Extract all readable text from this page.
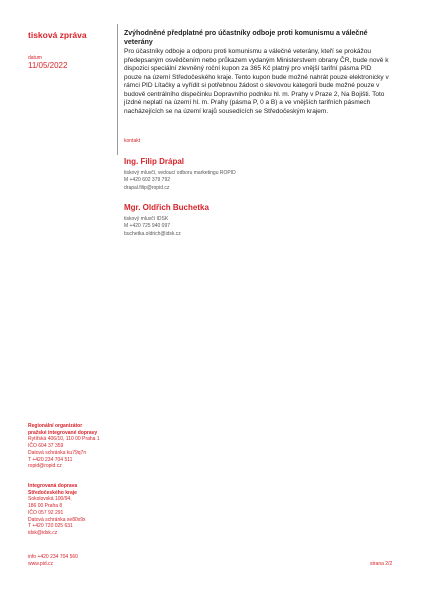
tisková zpráva
datum
11/05/2022
Zvýhodněné předplatné pro účastníky odboje proti komunismu a válečné veterány
Pro účastníky odboje a odporu proti komunismu a válečné veterány, kteří se prokážou předepsaným osvědčením nebo průkazem vydaným Ministerstvem obrany ČR, bude nově k dispozici speciální zlevněný roční kupon za 365 Kč platný pro vnější tarifní pásma PID pouze na území Středočeského kraje. Tento kupon bude možné nahrát pouze elektronicky v rámci PID Lítačky a vyřídit si potřebnou žádost o slevovou kategorii bude možné pouze v budově centrálního dispečinku Dopravního podniku hl. m. Prahy v Praze 2, Na Bojišti. Toto jízdné neplatí na území hl. m. Prahy (pásma P, 0 a B) a ve vnějších tarifních pásmech nacházejících se na území krajů sousedících se Středočeským krajem.
kontakt
Ing. Filip Drápal
tiskový mluvčí, vedoucí odboru marketingu ROPID
M +420 602 379 792
drapal.filip@ropid.cz
Mgr. Oldřich Buchetka
tiskový mluvčí IDSK
M +420 725 940 097
buchetka.oldrich@idsk.cz
Regionální organizátor
pražské integrované dopravy
Rytířská 406/10, 110 00 Praha 1
IČO 604 37 359
Datová schránka ku79q7n
T +420 234 704 511
ropid@ropid.cz
Integrovaná doprava
Středočeského kraje
Sokolovská 100/94,
186 00 Praha 8
IČO 057 92 291
Datová schránka xe80x9x
T +420 720 025 631
idsk@idsk.cz
info +420 234 704 560
www.pid.cz	strana 2/2
